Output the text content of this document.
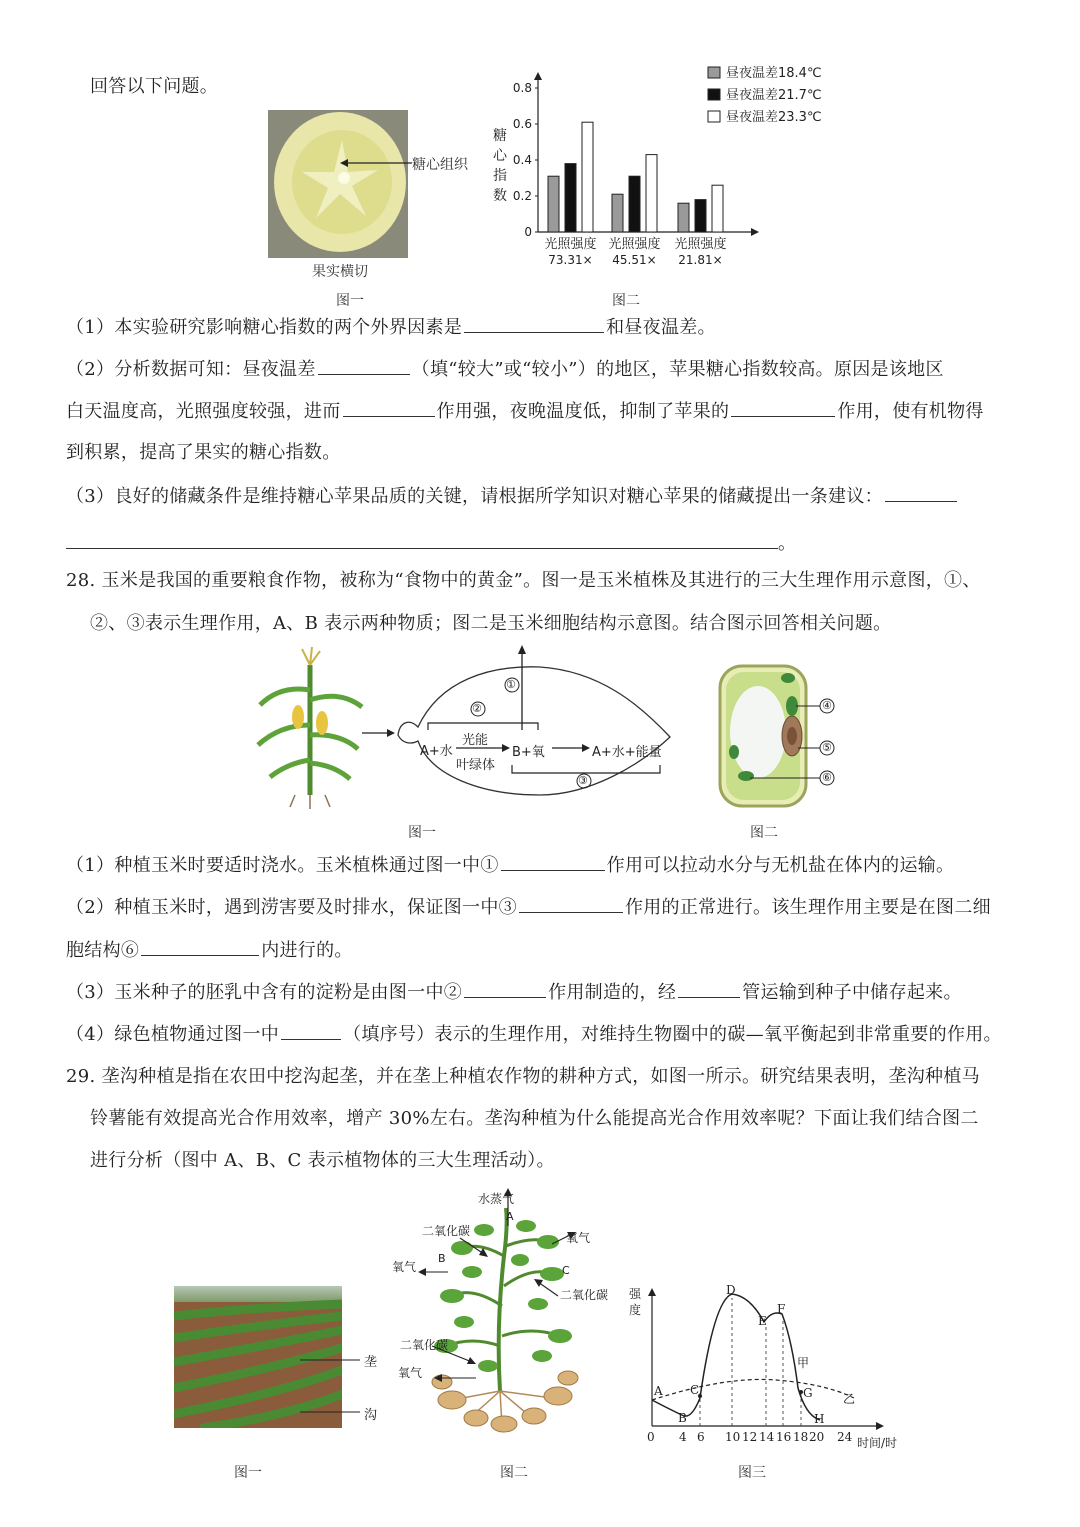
回答以下问题。
糖心组织
果实横切
图一
0
0.2
0.4
0.6
0.8
糖
心
指
数
昼夜温差18.4℃
昼夜温差21.7℃
昼夜温差23.3℃
光照强度
73.31×
光照强度
45.51×
光照强度
21.81×
图二
（1）本实验研究影响糖心指数的两个外界因素是	和昼夜温差。
（2）分析数据可知：昼夜温差	（填“较大”或“较小”）的地区，苹果糖心指数较高。原因是该地区
白天温度高，光照强度较强，进而	作用强，夜晚温度低，抑制了苹果的	作用，使有机物得
到积累，提高了果实的糖心指数。
（3）良好的储藏条件是维持糖心苹果品质的关键，请根据所学知识对糖心苹果的储藏提出一条建议：
。
28. 玉米是我国的重要粮食作物，被称为“食物中的黄金”。图一是玉米植株及其进行的三大生理作用示意图，①、
②、③表示生理作用，A、B 表示两种物质；图二是玉米细胞结构示意图。结合图示回答相关问题。
①
②
③
光能
A+水
叶绿体
B+氧	A+水+能量
图一
④
⑤
⑥
图二
（1）种植玉米时要适时浇水。玉米植株通过图一中①	作用可以拉动水分与无机盐在体内的运输。
（2）种植玉米时，遇到涝害要及时排水，保证图一中③	作用的正常进行。该生理作用主要是在图二细
胞结构⑥	内进行的。
（3）玉米种子的胚乳中含有的淀粉是由图一中②	作用制造的，经	管运输到种子中储存起来。
（4）绿色植物通过图一中	（填序号）表示的生理作用，对维持生物圈中的碳—氧平衡起到非常重要的作用。
29. 垄沟种植是指在农田中挖沟起垄，并在垄上种植农作物的耕种方式，如图一所示。研究结果表明，垄沟种植马
铃薯能有效提高光合作用效率，增产 30%左右。垄沟种植为什么能提高光合作用效率呢？下面让我们结合图二
进行分析（图中 A、B、C 表示植物体的三大生理活动）。
垄
沟
图一
水蒸气
A
二氧化碳	氧气
氧气
B
C
二氧化碳
二氧化碳
氧气
图二
强度
时间/时
A
B
C
D
E
F
G
H
甲
乙
0 4 6 10 12 14 16 18 20 24
图三
